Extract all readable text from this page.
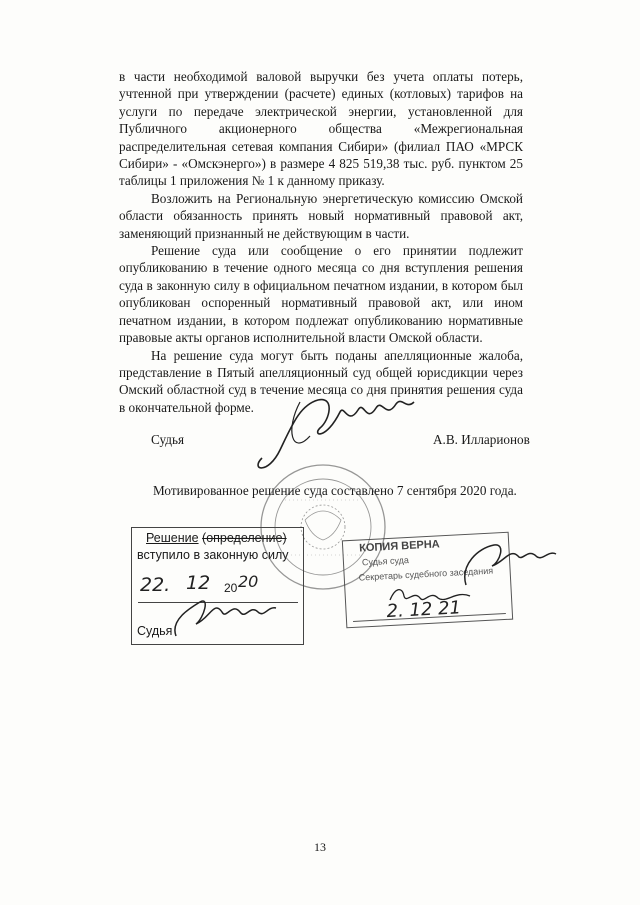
в части необходимой валовой выручки без учета оплаты потерь, учтенной при утверждении (расчете) единых (котловых) тарифов на услуги по передаче электрической энергии, установленной для Публичного акционерного общества «Межрегиональная распределительная сетевая компания Сибири» (филиал ПАО «МРСК Сибири» - «Омскэнерго») в размере 4 825 519,38 тыс. руб. пунктом 25 таблицы 1 приложения № 1 к данному приказу.

Возложить на Региональную энергетическую комиссию Омской области обязанность принять новый нормативный правовой акт, заменяющий признанный не действующим в части.

Решение суда или сообщение о его принятии подлежит опубликованию в течение одного месяца со дня вступления решения суда в законную силу в официальном печатном издании, в котором был опубликован оспоренный нормативный правовой акт, или ином печатном издании, в котором подлежат опубликованию нормативные правовые акты органов исполнительной власти Омской области.

На решение суда могут быть поданы апелляционные жалоба, представление в Пятый апелляционный суд общей юрисдикции через Омский областной суд в течение месяца со дня принятия решения суда в окончательной форме.

Судья	А.В. Илларионов
Мотивированное решение суда составлено 7 сентября 2020 года.
Решение (определение)
вступило в законную силу
22. 12 20 20
Судья
КОПИЯ ВЕРНА
Судья суда
Секретарь судебного заседания
2. 12 21
13
